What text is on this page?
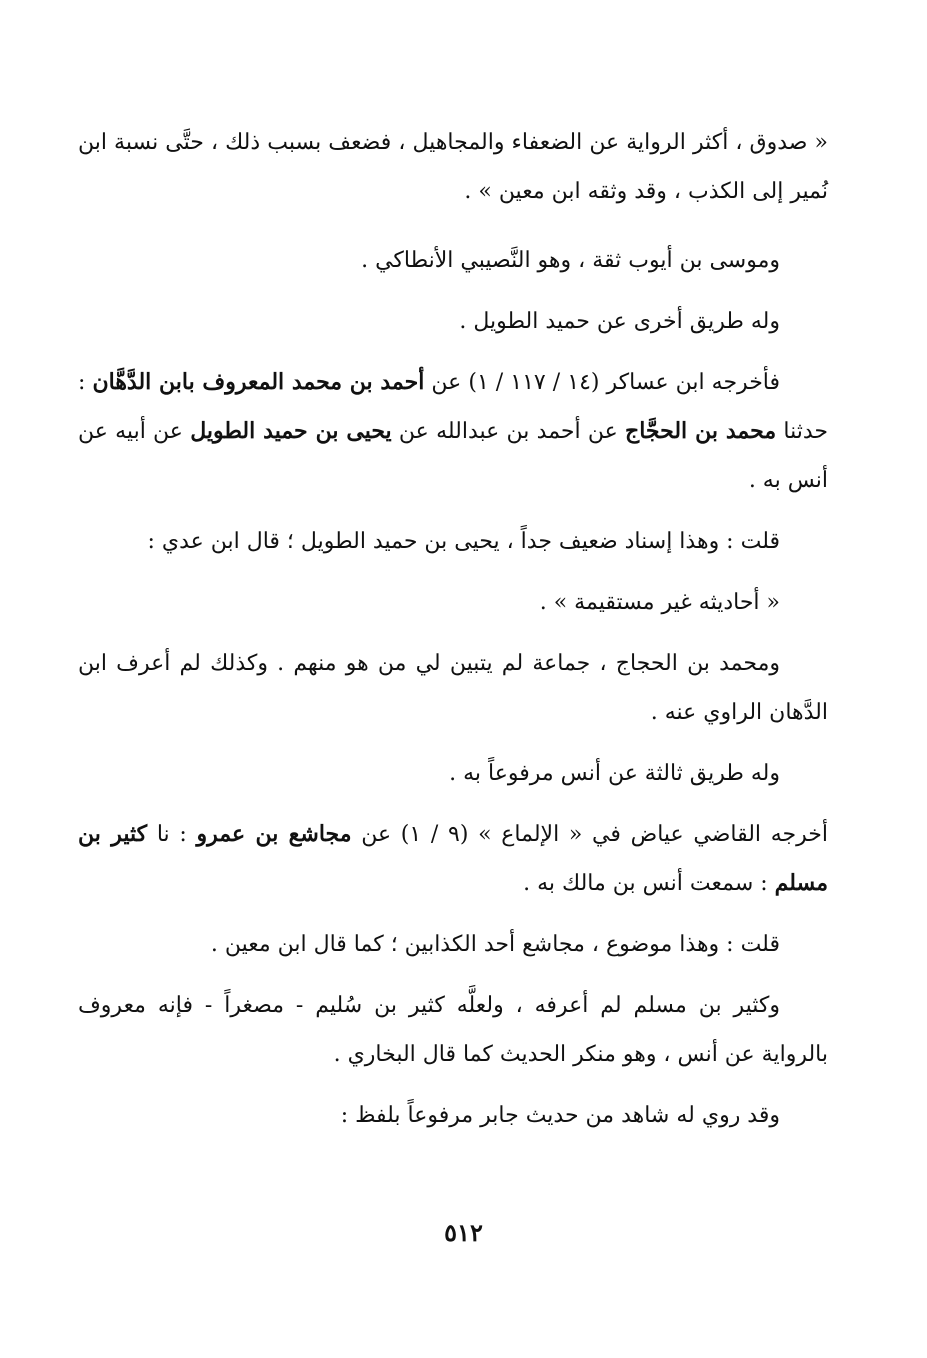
« صدوق ، أكثر الرواية عن الضعفاء والمجاهيل ، فضعف بسبب ذلك ، حتَّى نسبة ابن نُمير إلى الكذب ، وقد وثقه ابن معين » .

وموسى بن أيوب ثقة ، وهو النَّصيبي الأنطاكي .

وله طريق أخرى عن حميد الطويل .

فأخرجه ابن عساكر (١٤ / ١١٧ / ١) عن أحمد بن محمد المعروف بابن الدَّهَّان : حدثنا محمد بن الحجَّاج عن أحمد بن عبدالله عن يحيى بن حميد الطويل عن أبيه عن أنس به .

قلت : وهذا إسناد ضعيف جداً ، يحيى بن حميد الطويل ؛ قال ابن عدي :

« أحاديثه غير مستقيمة » .

ومحمد بن الحجاج ، جماعة لم يتبين لي من هو منهم . وكذلك لم أعرف ابن الدَّهان الراوي عنه .

وله طريق ثالثة عن أنس مرفوعاً به .

أخرجه القاضي عياض في « الإلماع » (٩ / ١) عن مجاشع بن عمرو : نا كثير بن مسلم : سمعت أنس بن مالك به .

قلت : وهذا موضوع ، مجاشع أحد الكذابين ؛ كما قال ابن معين .

وكثير بن مسلم لم أعرفه ، ولعلَّه كثير بن سُليم - مصغراً - فإنه معروف بالرواية عن أنس ، وهو منكر الحديث كما قال البخاري .

وقد روي له شاهد من حديث جابر مرفوعاً بلفظ :

٥١٢
